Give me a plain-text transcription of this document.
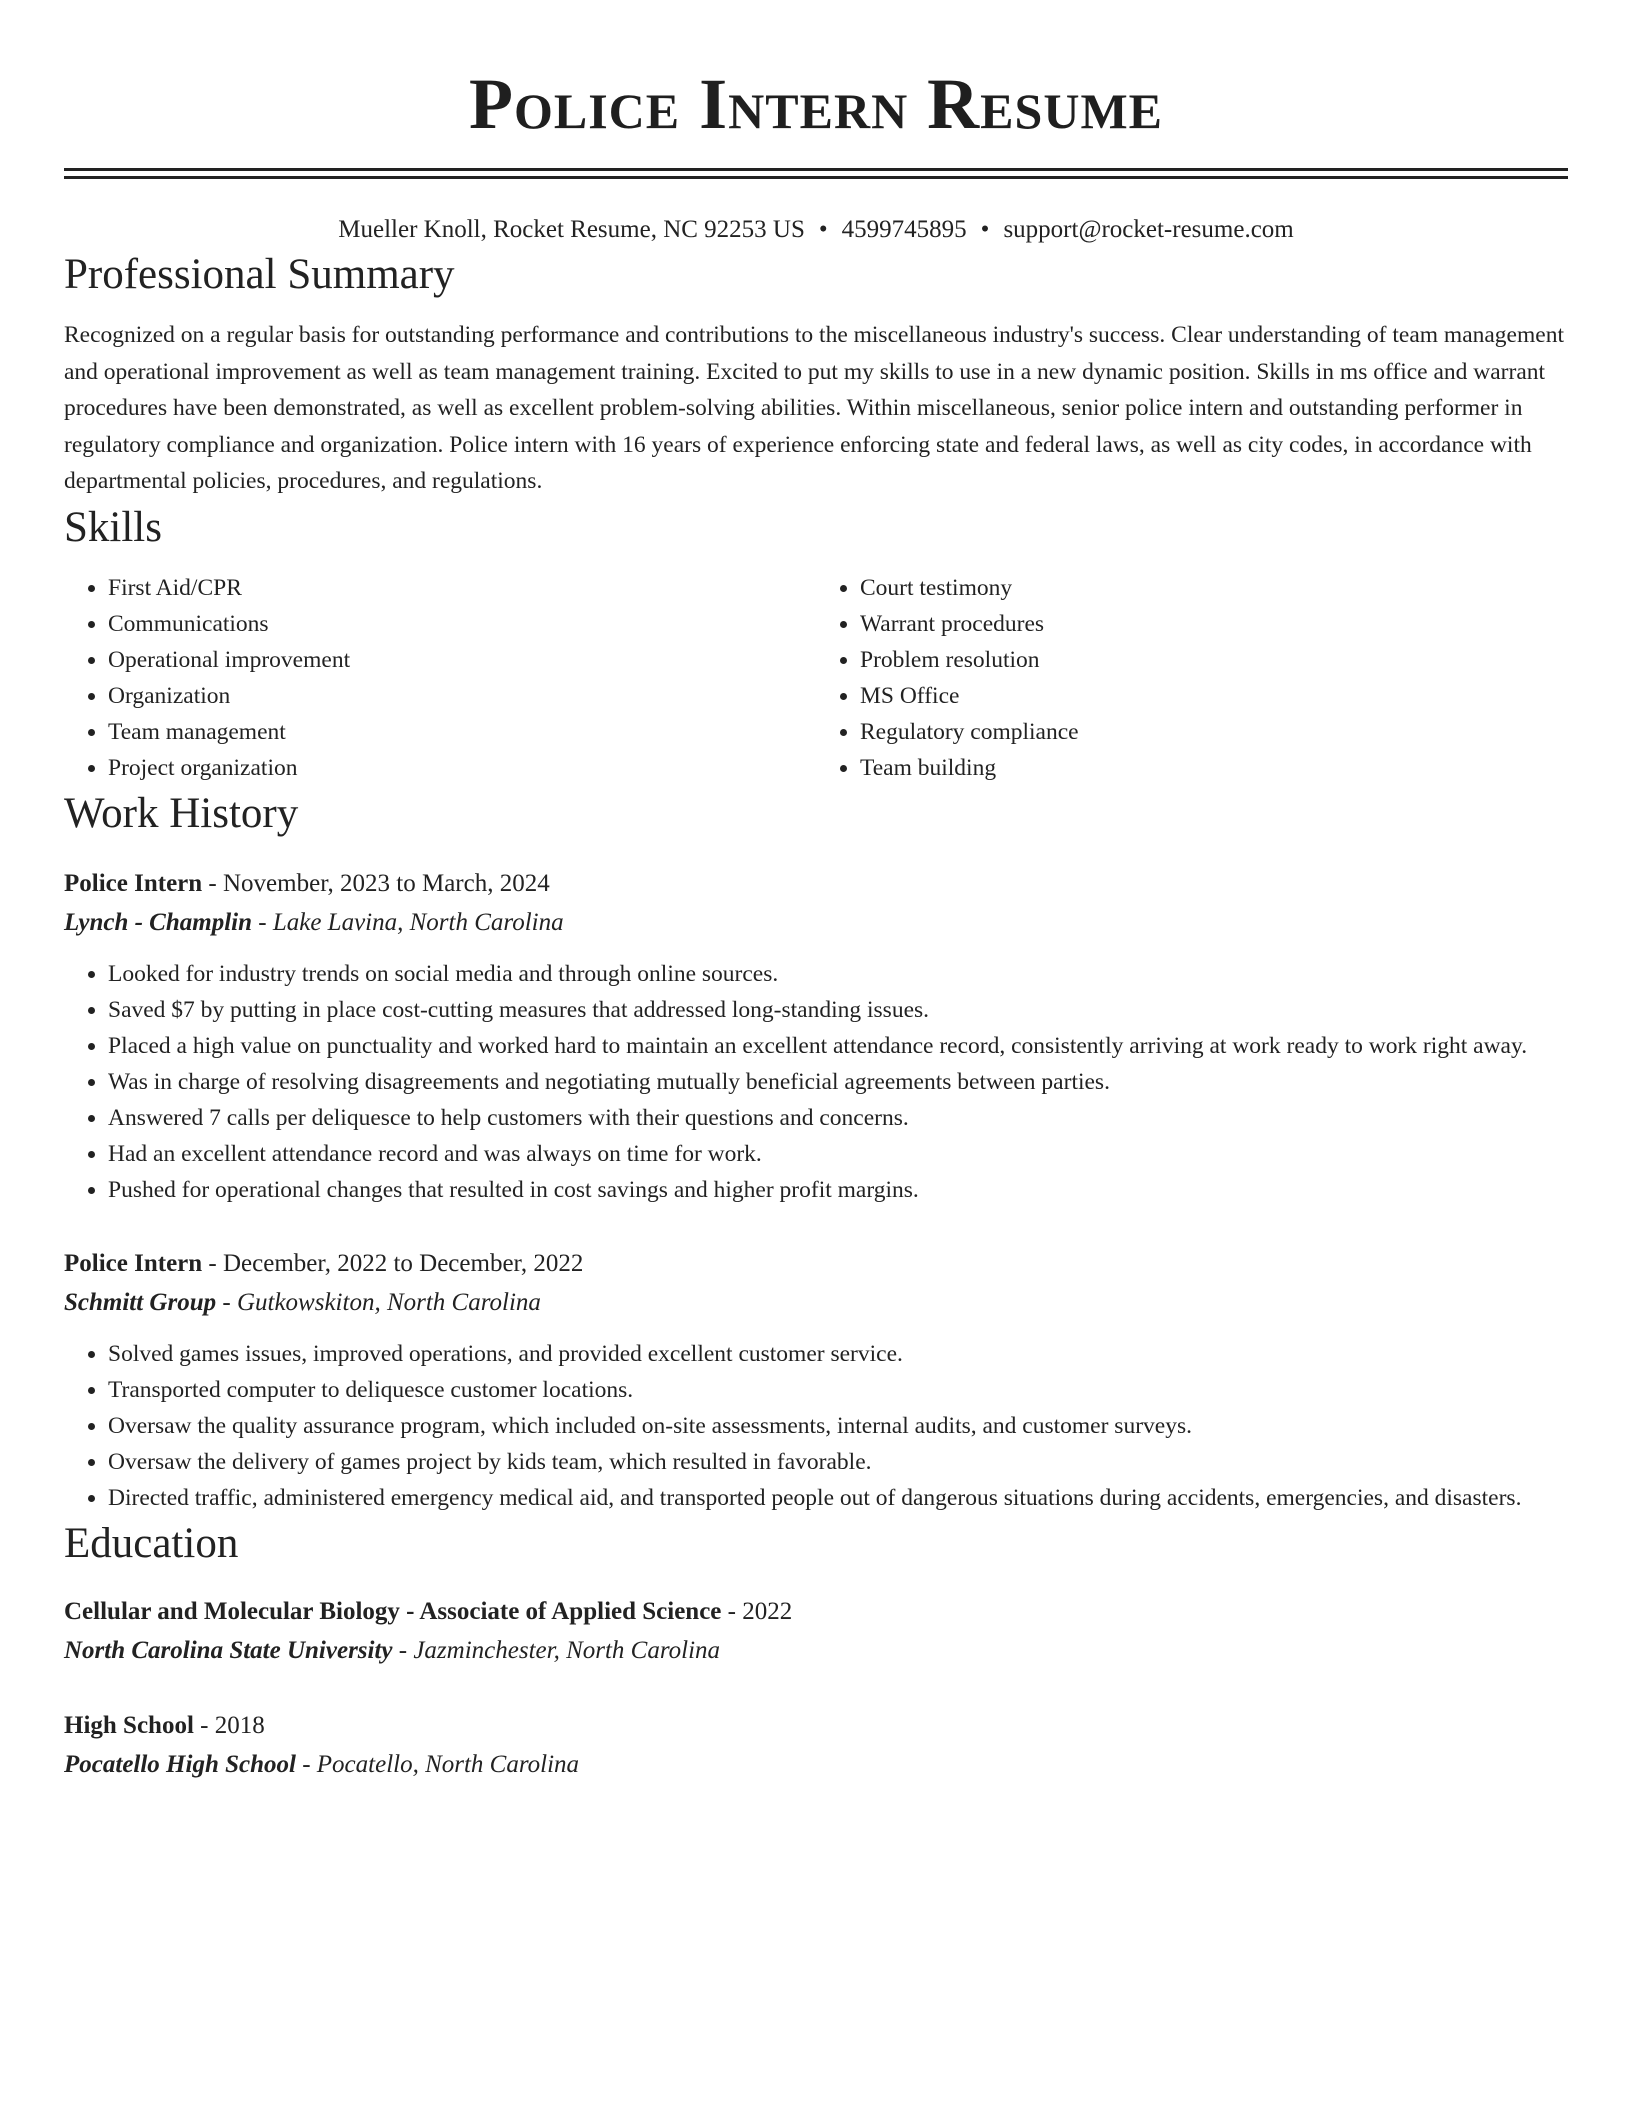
Police Intern Resume
Mueller Knoll, Rocket Resume, NC 92253 US • 4599745895 • support@rocket-resume.com
Professional Summary

Recognized on a regular basis for outstanding performance and contributions to the miscellaneous industry's success. Clear understanding of team management and operational improvement as well as team management training. Excited to put my skills to use in a new dynamic position. Skills in ms office and warrant procedures have been demonstrated, as well as excellent problem-solving abilities. Within miscellaneous, senior police intern and outstanding performer in regulatory compliance and organization. Police intern with 16 years of experience enforcing state and federal laws, as well as city codes, in accordance with departmental policies, procedures, and regulations.

Skills
• First Aid/CPR
• Communications
• Operational improvement
• Organization
• Team management
• Project organization
• Court testimony
• Warrant procedures
• Problem resolution
• MS Office
• Regulatory compliance
• Team building
Work History
Police Intern - November, 2023 to March, 2024
Lynch - Champlin - Lake Lavina, North Carolina
• Looked for industry trends on social media and through online sources.
• Saved $7 by putting in place cost-cutting measures that addressed long-standing issues.
• Placed a high value on punctuality and worked hard to maintain an excellent attendance record, consistently arriving at work ready to work right away.
• Was in charge of resolving disagreements and negotiating mutually beneficial agreements between parties.
• Answered 7 calls per deliquesce to help customers with their questions and concerns.
• Had an excellent attendance record and was always on time for work.
• Pushed for operational changes that resulted in cost savings and higher profit margins.
Police Intern - December, 2022 to December, 2022
Schmitt Group - Gutkowskiton, North Carolina
• Solved games issues, improved operations, and provided excellent customer service.
• Transported computer to deliquesce customer locations.
• Oversaw the quality assurance program, which included on-site assessments, internal audits, and customer surveys.
• Oversaw the delivery of games project by kids team, which resulted in favorable.
• Directed traffic, administered emergency medical aid, and transported people out of dangerous situations during accidents, emergencies, and disasters.
Education
Cellular and Molecular Biology - Associate of Applied Science - 2022
North Carolina State University - Jazminchester, North Carolina
High School - 2018
Pocatello High School - Pocatello, North Carolina
